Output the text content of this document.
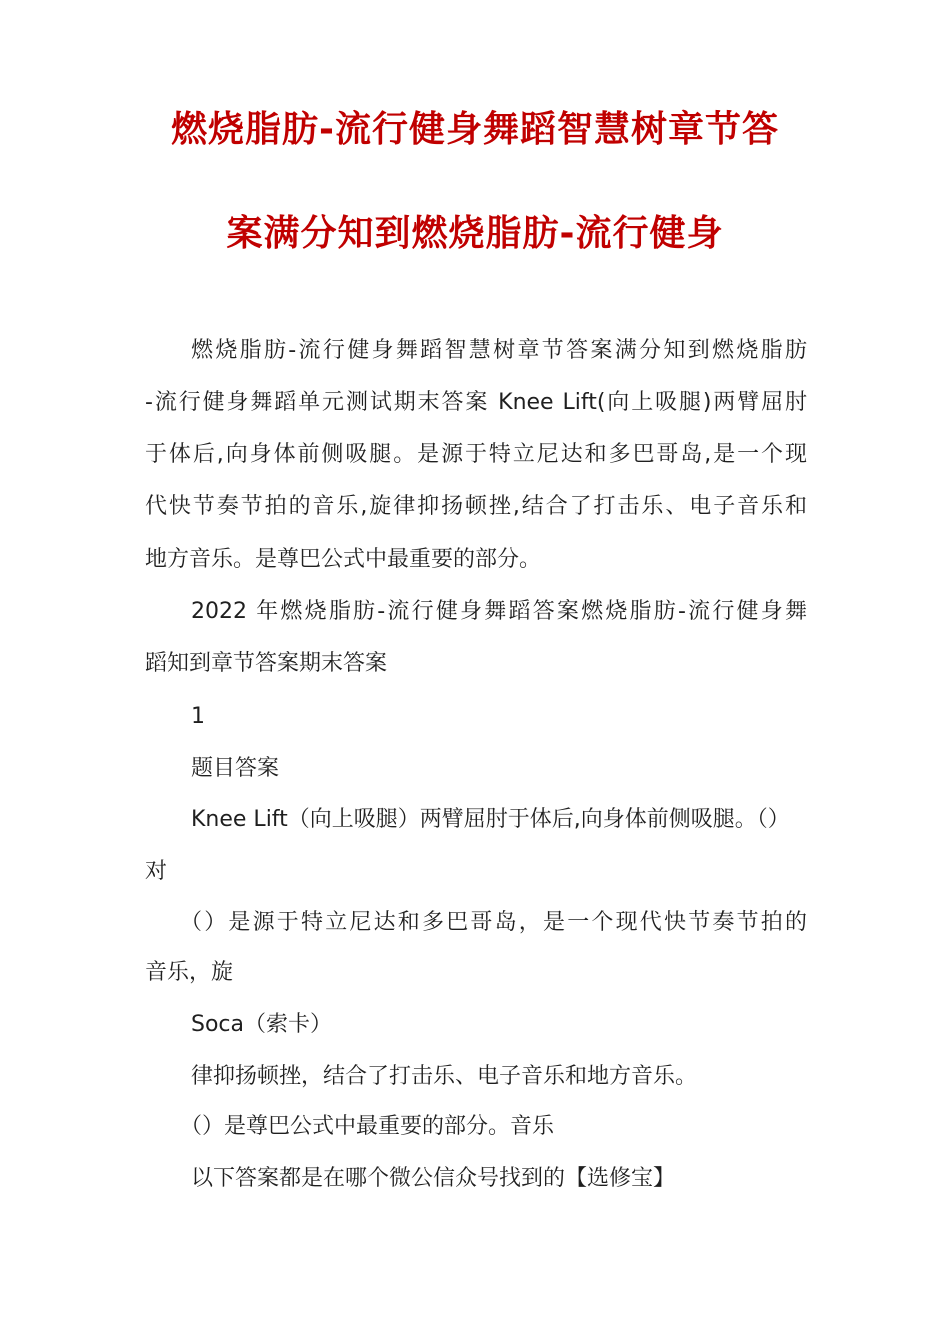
燃烧脂肪-流行健身舞蹈智慧树章节答
案满分知到燃烧脂肪-流行健身
燃烧脂肪-流行健身舞蹈智慧树章节答案满分知到燃烧脂肪
-流行健身舞蹈单元测试期末答案 Knee Lift(向上吸腿)两臂屈肘
于体后,向身体前侧吸腿。是源于特立尼达和多巴哥岛,是一个现
代快节奏节拍的音乐,旋律抑扬顿挫,结合了打击乐、电子音乐和
地方音乐。是尊巴公式中最重要的部分。
2022 年燃烧脂肪-流行健身舞蹈答案燃烧脂肪-流行健身舞
蹈知到章节答案期末答案
1
题目答案
Knee Lift（向上吸腿）两臂屈肘于体后,向身体前侧吸腿。（）
对
（）是源于特立尼达和多巴哥岛，是一个现代快节奏节拍的
音乐，旋
Soca（索卡）
律抑扬顿挫，结合了打击乐、电子音乐和地方音乐。
（）是尊巴公式中最重要的部分。音乐
以下答案都是在哪个微公信众号找到的【选修宝】
